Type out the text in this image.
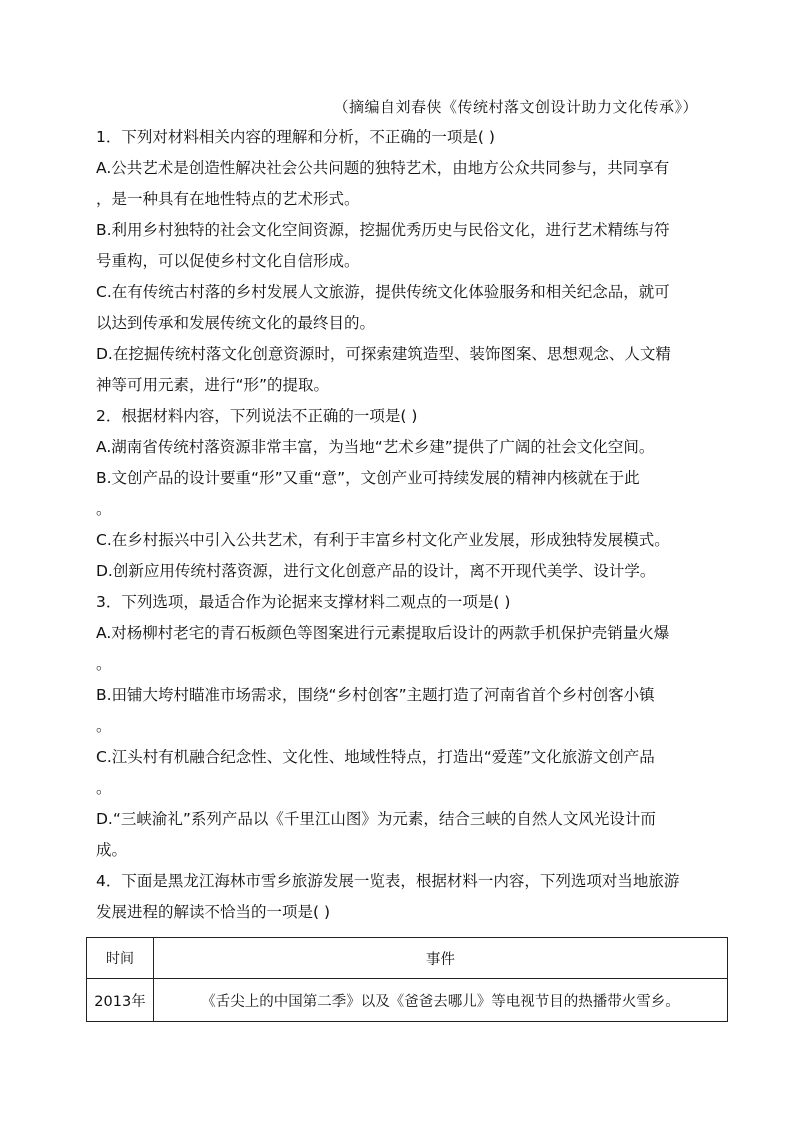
（摘编自刘春侠《传统村落文创设计助力文化传承》）
1．下列对材料相关内容的理解和分析，不正确的一项是( )
A.公共艺术是创造性解决社会公共问题的独特艺术，由地方公众共同参与，共同享有
，是一种具有在地性特点的艺术形式。
B.利用乡村独特的社会文化空间资源，挖掘优秀历史与民俗文化，进行艺术精练与符
号重构，可以促使乡村文化自信形成。
C.在有传统古村落的乡村发展人文旅游，提供传统文化体验服务和相关纪念品，就可
以达到传承和发展传统文化的最终目的。
D.在挖掘传统村落文化创意资源时，可探索建筑造型、装饰图案、思想观念、人文精
神等可用元素，进行“形”的提取。
2．根据材料内容，下列说法不正确的一项是( )
A.湖南省传统村落资源非常丰富，为当地“艺术乡建”提供了广阔的社会文化空间。
B.文创产品的设计要重“形”又重“意”，文创产业可持续发展的精神内核就在于此
。
C.在乡村振兴中引入公共艺术，有利于丰富乡村文化产业发展，形成独特发展模式。
D.创新应用传统村落资源，进行文化创意产品的设计，离不开现代美学、设计学。
3．下列选项，最适合作为论据来支撑材料二观点的一项是( )
A.对杨柳村老宅的青石板颜色等图案进行元素提取后设计的两款手机保护壳销量火爆
。
B.田铺大垮村瞄准市场需求，围绕“乡村创客”主题打造了河南省首个乡村创客小镇
。
C.江头村有机融合纪念性、文化性、地域性特点，打造出“爱莲”文化旅游文创产品
。
D.“三峡渝礼”系列产品以《千里江山图》为元素，结合三峡的自然人文风光设计而
成。
4．下面是黑龙江海林市雪乡旅游发展一览表，根据材料一内容，下列选项对当地旅游
发展进程的解读不恰当的一项是( )
时间	事件
2013年	《舌尖上的中国第二季》以及《爸爸去哪儿》等电视节目的热播带火雪乡。
